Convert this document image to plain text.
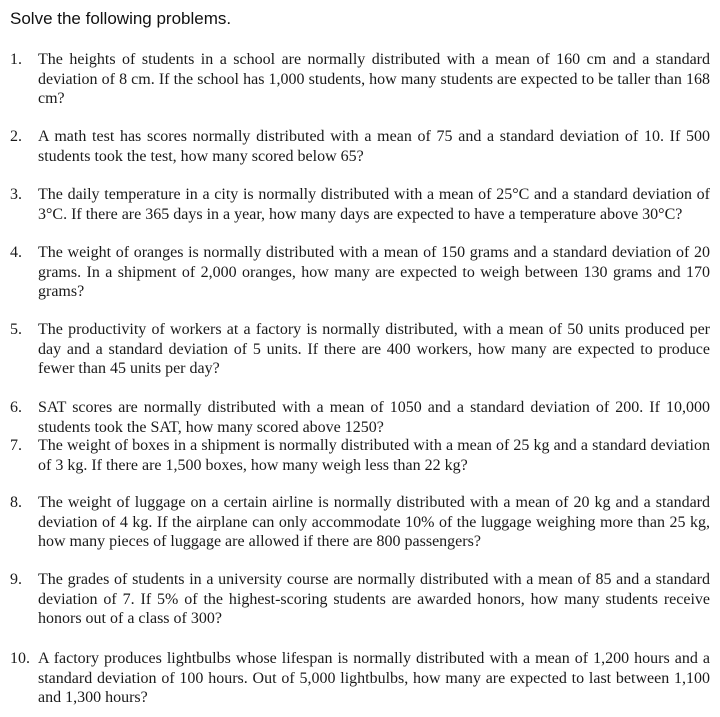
Solve the following problems.
1.	The heights of students in a school are normally distributed with a mean of 160 cm and a standard deviation of 8 cm. If the school has 1,000 students, how many students are expected to be taller than 168 cm?
2.	A math test has scores normally distributed with a mean of 75 and a standard deviation of 10. If 500 students took the test, how many scored below 65?
3.	The daily temperature in a city is normally distributed with a mean of 25°C and a standard deviation of 3°C. If there are 365 days in a year, how many days are expected to have a temperature above 30°C?
4.	The weight of oranges is normally distributed with a mean of 150 grams and a standard deviation of 20 grams. In a shipment of 2,000 oranges, how many are expected to weigh between 130 grams and 170 grams?
5.	The productivity of workers at a factory is normally distributed, with a mean of 50 units produced per day and a standard deviation of 5 units. If there are 400 workers, how many are expected to produce fewer than 45 units per day?
6.	SAT scores are normally distributed with a mean of 1050 and a standard deviation of 200. If 10,000 students took the SAT, how many scored above 1250?
7.	The weight of boxes in a shipment is normally distributed with a mean of 25 kg and a standard deviation of 3 kg. If there are 1,500 boxes, how many weigh less than 22 kg?
8.	The weight of luggage on a certain airline is normally distributed with a mean of 20 kg and a standard deviation of 4 kg. If the airplane can only accommodate 10% of the luggage weighing more than 25 kg, how many pieces of luggage are allowed if there are 800 passengers?
9.	The grades of students in a university course are normally distributed with a mean of 85 and a standard deviation of 7. If 5% of the highest-scoring students are awarded honors, how many students receive honors out of a class of 300?
10. A factory produces lightbulbs whose lifespan is normally distributed with a mean of 1,200 hours and a standard deviation of 100 hours. Out of 5,000 lightbulbs, how many are expected to last between 1,100 and 1,300 hours?
